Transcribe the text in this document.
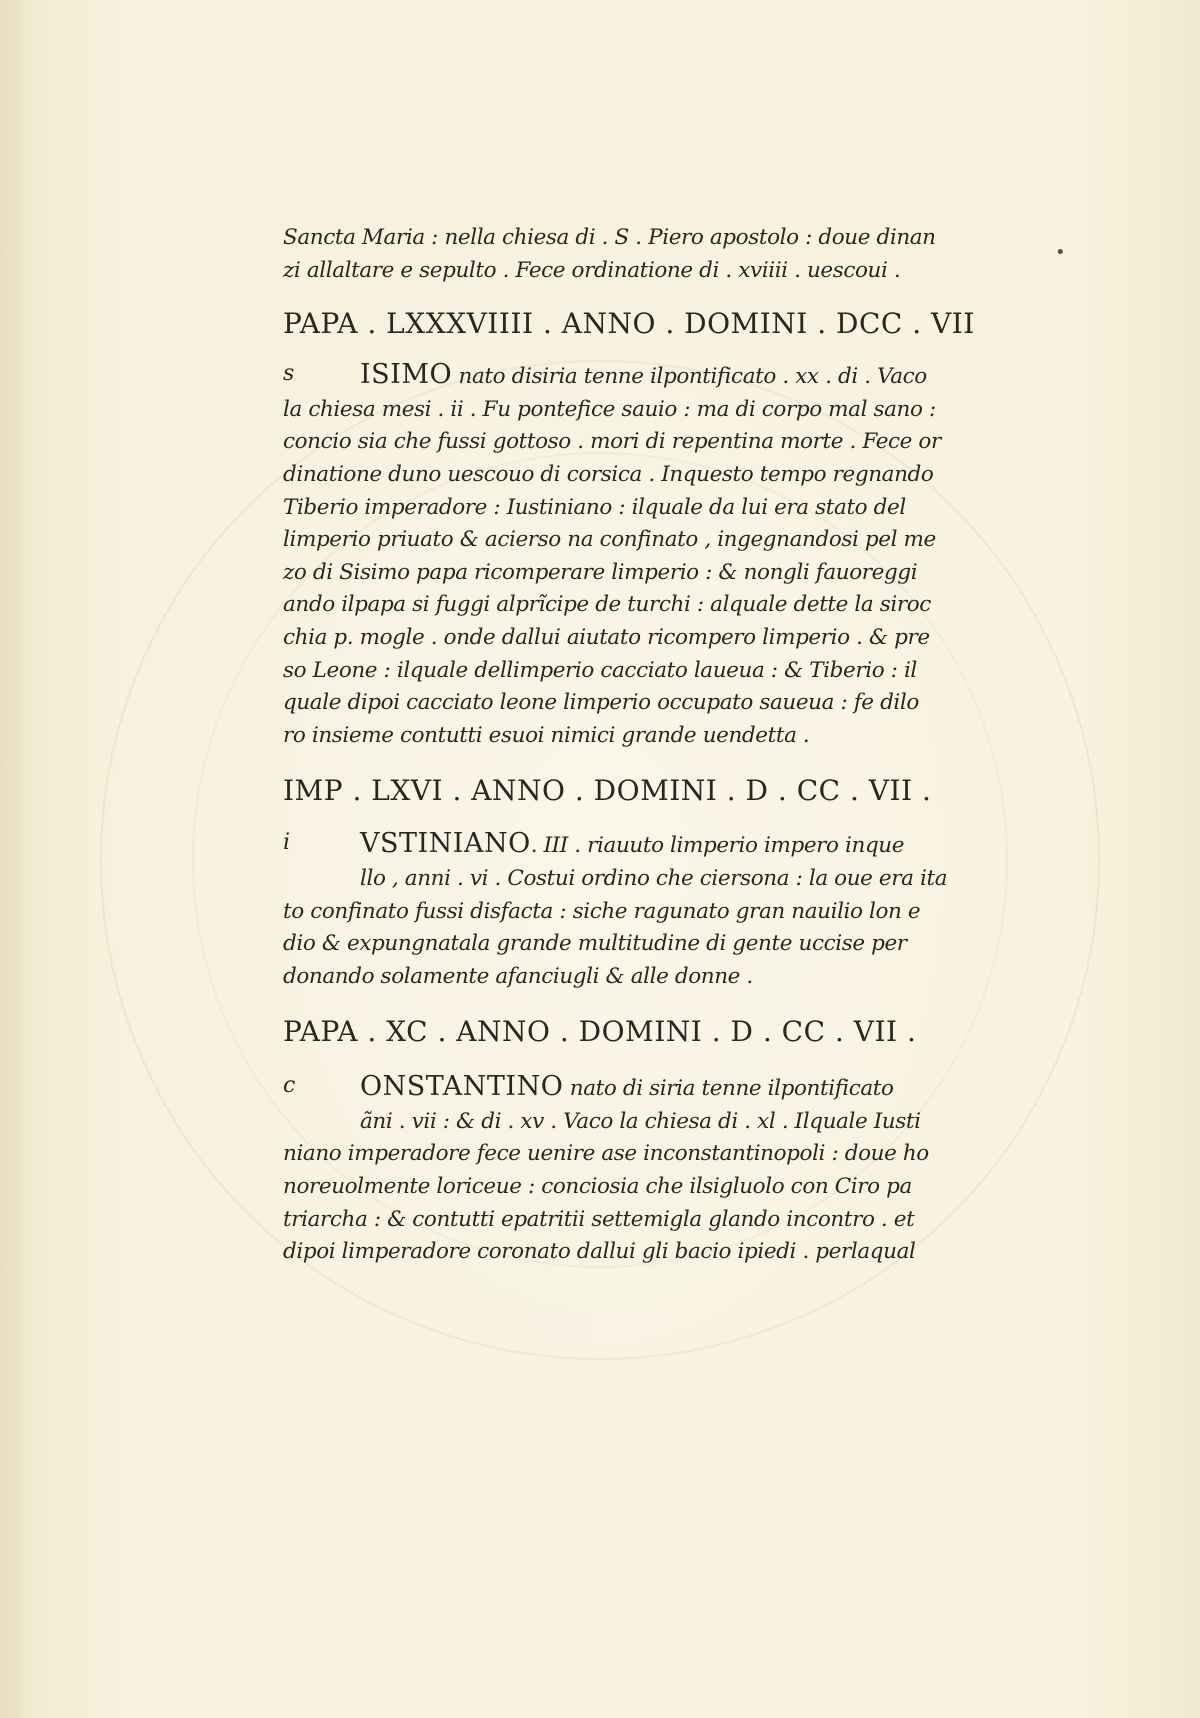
•
Sancta Maria : nella chiesa di . S . Piero apostolo : doue dinan
zi allaltare e sepulto . Fece ordinatione di . xviiii . uescoui .
PAPA . LXXXVIIII . ANNO . DOMINI . DCC . VII
s	ISIMO nato disiria tenne ilpontificato . xx . di . Vaco
la chiesa mesi . ii . Fu pontefice sauio : ma di corpo mal sano :
concio sia che fussi gottoso . mori di repentina morte . Fece or
dinatione duno uescouo di corsica . Inquesto tempo regnando
Tiberio imperadore : Iustiniano : ilquale da lui era stato del
limperio priuato & acierso na confinato , ingegnandosi pel me
zo di Sisimo papa ricomperare limperio : & nongli fauoreggi
ando ilpapa si fuggi alprĩcipe de turchi : alquale dette la siroc
chia p. mogle . onde dallui aiutato ricompero limperio . & pre
so Leone : ilquale dellimperio cacciato laueua : & Tiberio : il
quale dipoi cacciato leone limperio occupato saueua : fe dilo
ro insieme contutti esuoi nimici grande uendetta .
IMP . LXVI . ANNO . DOMINI . D . CC . VII .
i	VSTINIANO. III . riauuto limperio impero inque
llo , anni . vi . Costui ordino che ciersona : la oue era ita
to confinato fussi disfacta : siche ragunato gran nauilio lon e
dio & expungnatala grande multitudine di gente uccise per
donando solamente afanciugli & alle donne .
PAPA . XC . ANNO . DOMINI . D . CC . VII .
c	ONSTANTINO nato di siria tenne ilpontificato
ãni . vii : & di . xv . Vaco la chiesa di . xl . Ilquale Iusti
niano imperadore fece uenire ase inconstantinopoli : doue ho
noreuolmente loriceue : conciosia che ilsigluolo con Ciro pa
triarcha : & contutti epatritii settemigla glando incontro . et
dipoi limperadore coronato dallui gli bacio ipiedi . perlaqual
